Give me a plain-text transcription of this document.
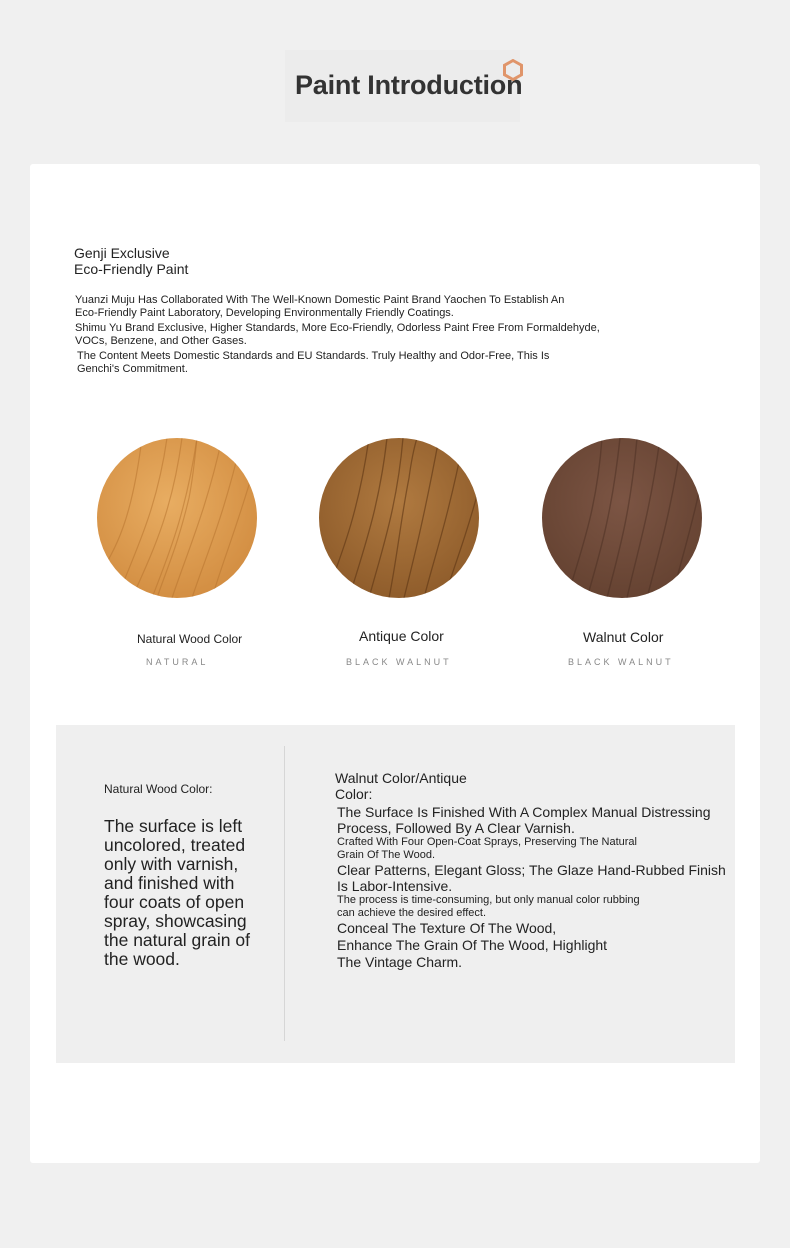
Paint Introduction
Genji Exclusive
Eco-Friendly Paint

Yuanzi Muju Has Collaborated With The Well-Known Domestic Paint Brand Yaochen To Establish An
Eco-Friendly Paint Laboratory, Developing Environmentally Friendly Coatings.

Shimu Yu Brand Exclusive, Higher Standards, More Eco-Friendly, Odorless Paint Free From Formaldehyde,
VOCs, Benzene, and Other Gases.

The Content Meets Domestic Standards and EU Standards. Truly Healthy and Odor-Free, This Is
Genchi's Commitment.

Natural Wood Color
NATURAL
Antique Color
BLACK WALNUT
Walnut Color
BLACK WALNUT
Natural Wood Color:
The surface is left uncolored, treated only with varnish, and finished with four coats of open spray, showcasing the natural grain of the wood.
Walnut Color/Antique
Color:

The Surface Is Finished With A Complex Manual Distressing
Process, Followed By A Clear Varnish.

Crafted With Four Open-Coat Sprays, Preserving The Natural
Grain Of The Wood.

Clear Patterns, Elegant Gloss; The Glaze Hand-Rubbed Finish
Is Labor-Intensive.

The process is time-consuming, but only manual color rubbing
can achieve the desired effect.

Conceal The Texture Of The Wood,
Enhance The Grain Of The Wood, Highlight
The Vintage Charm.
